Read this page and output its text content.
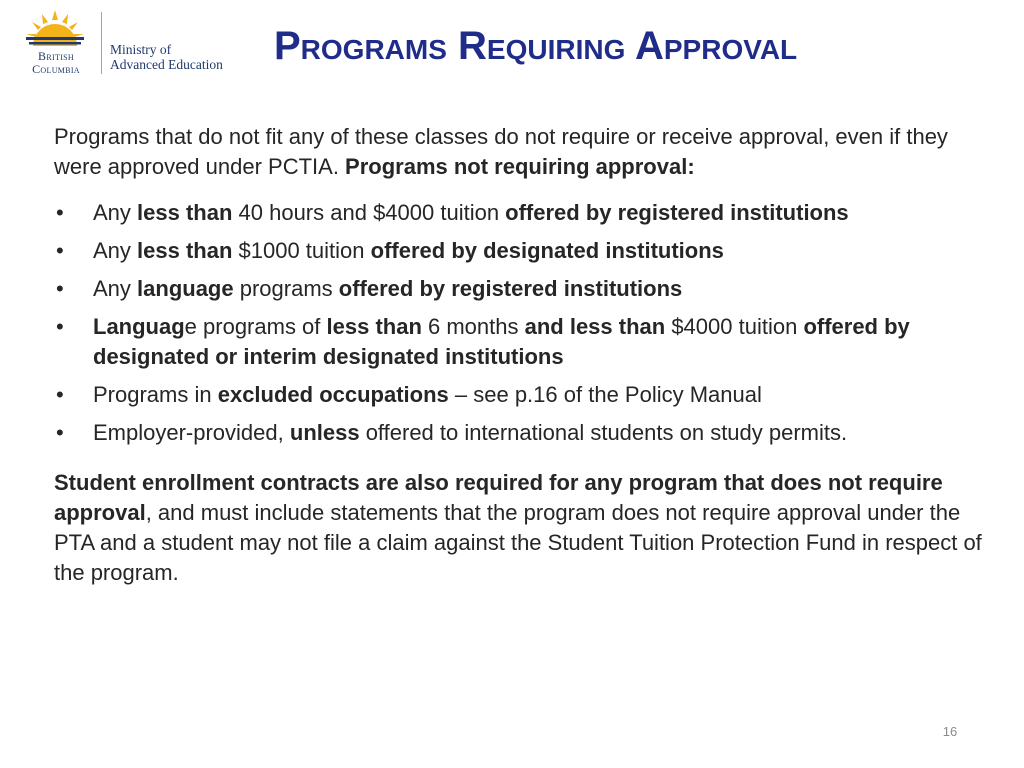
British
Columbia
Ministry of
Advanced Education	Programs Requiring Approval

Programs that do not fit any of these classes do not require or receive approval, even if they were approved under PCTIA. Programs not requiring approval:

•	Any less than 40 hours and $4000 tuition offered by registered institutions
•	Any less than $1000 tuition offered by designated institutions
•	Any language programs offered by registered institutions
•	Language programs of less than 6 months and less than $4000 tuition offered by designated or interim designated institutions
•	Programs in excluded occupations – see p.16 of the Policy Manual
•	Employer-provided, unless offered to international students on study permits.

Student enrollment contracts are also required for any program that does not require approval, and must include statements that the program does not require approval under the PTA and a student may not file a claim against the Student Tuition Protection Fund in respect of the program.

16
